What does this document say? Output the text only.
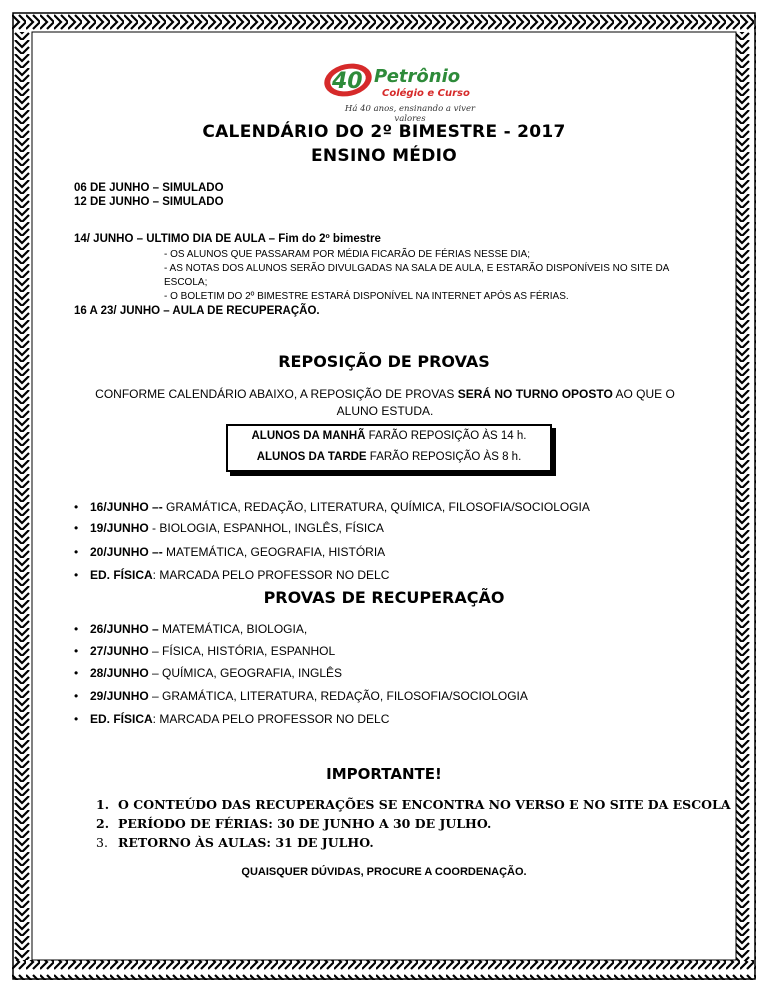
40 Petrônio
Colégio e Curso
Há 40 anos, ensinando a viver valores
CALENDÁRIO DO 2º BIMESTRE - 2017
ENSINO MÉDIO
06 DE JUNHO – SIMULADO
12 DE JUNHO – SIMULADO
14/ JUNHO – ULTIMO DIA DE AULA – Fim do 2º bimestre
- OS ALUNOS QUE PASSARAM POR MÉDIA FICARÃO DE FÉRIAS NESSE DIA;
- AS NOTAS DOS ALUNOS SERÃO DIVULGADAS NA SALA DE AULA, E ESTARÃO DISPONÍVEIS NO SITE DA
ESCOLA;
- O BOLETIM DO 2º BIMESTRE ESTARÁ DISPONÍVEL NA INTERNET APÓS AS FÉRIAS.
16 A 23/ JUNHO – AULA DE RECUPERAÇÃO.
REPOSIÇÃO DE PROVAS
CONFORME CALENDÁRIO ABAIXO, A REPOSIÇÃO DE PROVAS SERÁ NO TURNO OPOSTO AO QUE O ALUNO ESTUDA.
ALUNOS DA MANHÃ FARÃO REPOSIÇÃO ÀS 14 h.
ALUNOS DA TARDE FARÃO REPOSIÇÃO ÀS 8 h.
• 16/JUNHO –- GRAMÁTICA, REDAÇÃO, LITERATURA, QUÍMICA, FILOSOFIA/SOCIOLOGIA
• 19/JUNHO - BIOLOGIA, ESPANHOL, INGLÊS, FÍSICA
• 20/JUNHO –- MATEMÁTICA, GEOGRAFIA, HISTÓRIA
• ED. FÍSICA: MARCADA PELO PROFESSOR NO DELC
PROVAS DE RECUPERAÇÃO
• 26/JUNHO – MATEMÁTICA, BIOLOGIA,
• 27/JUNHO – FÍSICA, HISTÓRIA, ESPANHOL
• 28/JUNHO – QUÍMICA, GEOGRAFIA, INGLÊS
• 29/JUNHO – GRAMÁTICA, LITERATURA, REDAÇÃO, FILOSOFIA/SOCIOLOGIA
• ED. FÍSICA: MARCADA PELO PROFESSOR NO DELC
IMPORTANTE!
1. O CONTEÚDO DAS RECUPERAÇÕES SE ENCONTRA NO VERSO E NO SITE DA ESCOLA
2. PERÍODO DE FÉRIAS: 30 DE JUNHO A 30 DE JULHO.
3. RETORNO ÀS AULAS: 31 DE JULHO.
QUAISQUER DÚVIDAS, PROCURE A COORDENAÇÃO.
